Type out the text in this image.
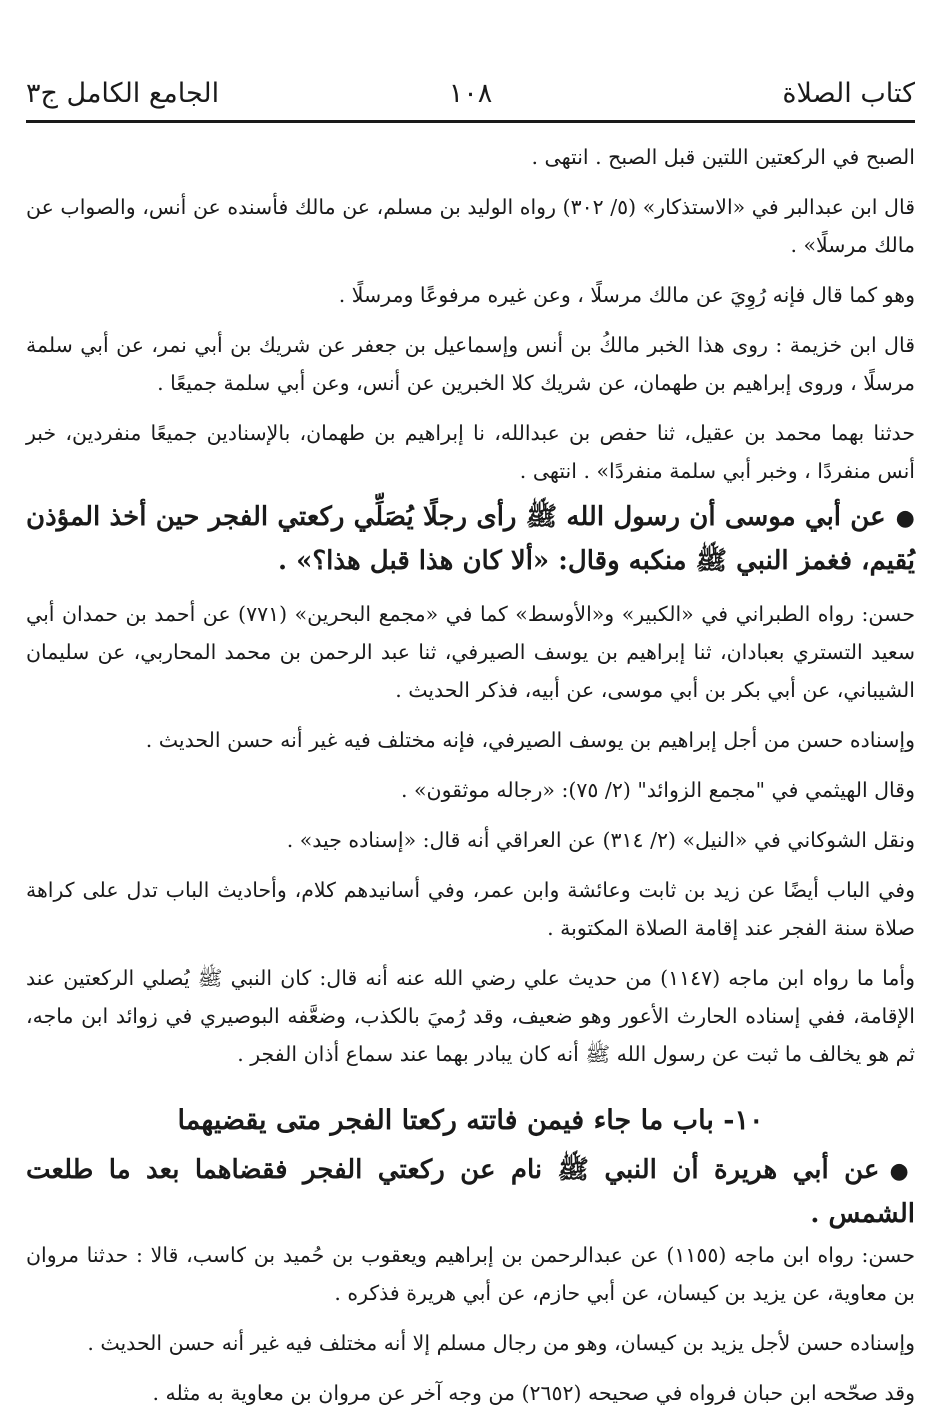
كتاب الصلاة
١٠٨
الجامع الكامل ج٣

الصبح في الركعتين اللتين قبل الصبح . انتهى .

قال ابن عبدالبر في «الاستذكار» (٥/ ٣٠٢) رواه الوليد بن مسلم، عن مالك فأسنده عن أنس، والصواب عن مالك مرسلًا» .

وهو كما قال فإنه رُوِيَ عن مالك مرسلًا ، وعن غيره مرفوعًا ومرسلًا .

قال ابن خزيمة : روى هذا الخبر مالكُ بن أنس وإسماعيل بن جعفر عن شريك بن أبي نمر، عن أبي سلمة مرسلًا ، وروى إبراهيم بن طهمان، عن شريك كلا الخبرين عن أنس، وعن أبي سلمة جميعًا .

حدثنا بهما محمد بن عقيل، ثنا حفص بن عبدالله، نا إبراهيم بن طهمان، بالإسنادين جميعًا منفردين، خبر أنس منفردًا ، وخبر أبي سلمة منفردًا» . انتهى .

●عن أبي موسى أن رسول الله ﷺ رأى رجلًا يُصَلِّي ركعتي الفجر حين أخذ المؤذن يُقيم، فغمز النبي ﷺ منكبه وقال: «ألا كان هذا قبل هذا؟» .

حسن: رواه الطبراني في «الكبير» و«الأوسط» كما في «مجمع البحرين» (٧٧١) عن أحمد بن حمدان أبي سعيد التستري بعبادان، ثنا إبراهيم بن يوسف الصيرفي، ثنا عبد الرحمن بن محمد المحاربي، عن سليمان الشيباني، عن أبي بكر بن أبي موسى، عن أبيه، فذكر الحديث .

وإسناده حسن من أجل إبراهيم بن يوسف الصيرفي، فإنه مختلف فيه غير أنه حسن الحديث .

وقال الهيثمي في "مجمع الزوائد" (٢/ ٧٥): «رجاله موثقون» .

ونقل الشوكاني في «النيل» (٢/ ٣١٤) عن العراقي أنه قال: «إسناده جيد» .

وفي الباب أيضًا عن زيد بن ثابت وعائشة وابن عمر، وفي أسانيدهم كلام، وأحاديث الباب تدل على كراهة صلاة سنة الفجر عند إقامة الصلاة المكتوبة .

وأما ما رواه ابن ماجه (١١٤٧) من حديث علي رضي الله عنه أنه قال: كان النبي ﷺ يُصلي الركعتين عند الإقامة، ففي إسناده الحارث الأعور وهو ضعيف، وقد رُميَ بالكذب، وضعَّفه البوصيري في زوائد ابن ماجه، ثم هو يخالف ما ثبت عن رسول الله ﷺ أنه كان يبادر بهما عند سماع أذان الفجر .

١٠- باب ما جاء فيمن فاتته ركعتا الفجر متى يقضيهما

●عن أبي هريرة أن النبي ﷺ نام عن ركعتي الفجر فقضاهما بعد ما طلعت الشمس .

حسن: رواه ابن ماجه (١١٥٥) عن عبدالرحمن بن إبراهيم ويعقوب بن حُميد بن كاسب، قالا : حدثنا مروان بن معاوية، عن يزيد بن كيسان، عن أبي حازم، عن أبي هريرة فذكره .

وإسناده حسن لأجل يزيد بن كيسان، وهو من رجال مسلم إلا أنه مختلف فيه غير أنه حسن الحديث .

وقد صحّحه ابن حبان فرواه في صحيحه (٢٦٥٢) من وجه آخر عن مروان بن معاوية به مثله .
